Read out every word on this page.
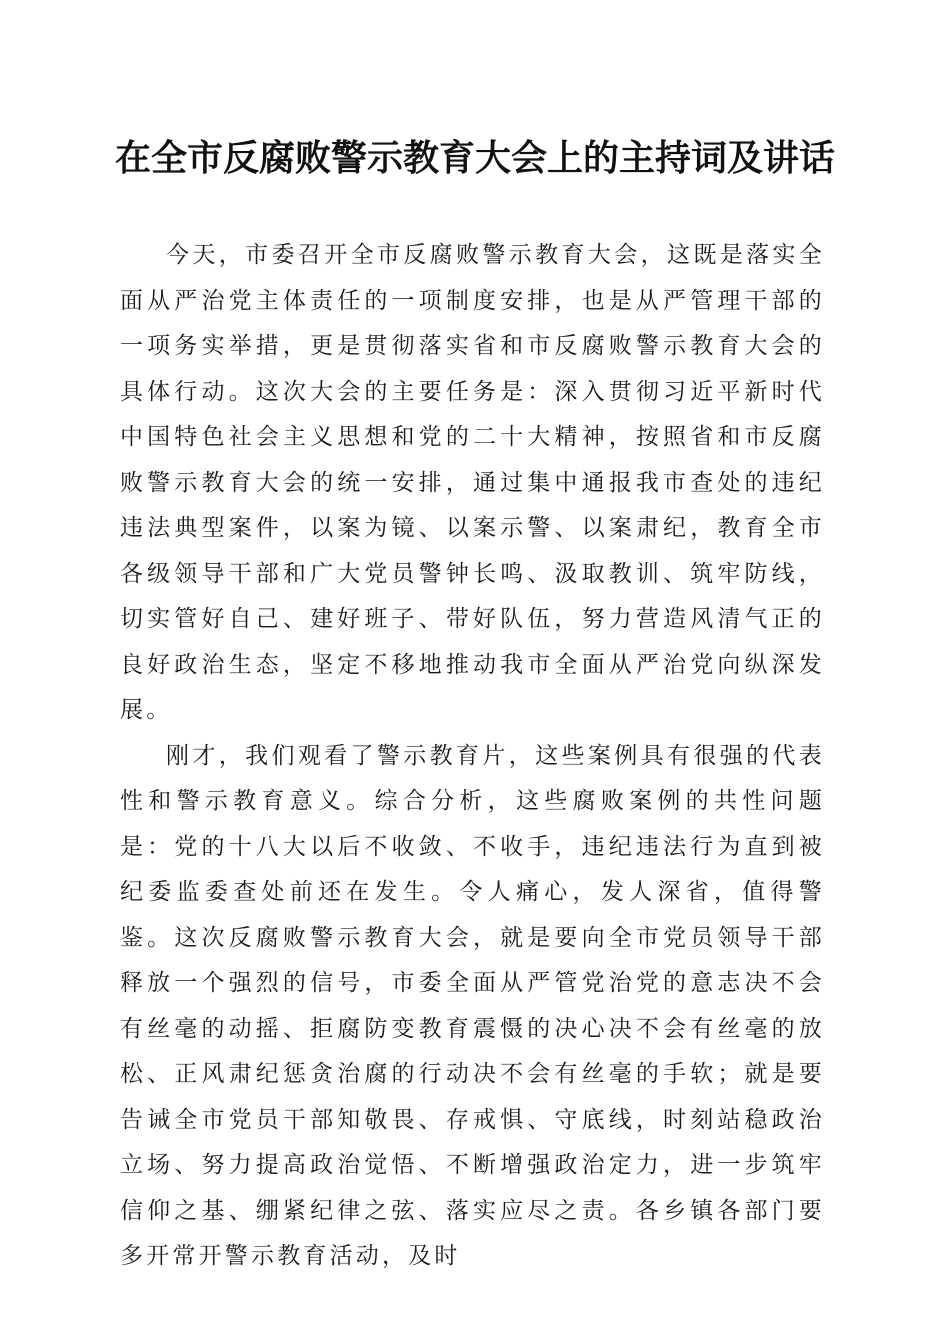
在全市反腐败警示教育大会上的主持词及讲话

今天，市委召开全市反腐败警示教育大会，这既是落实全面从严治党主体责任的一项制度安排，也是从严管理干部的一项务实举措，更是贯彻落实省和市反腐败警示教育大会的具体行动。这次大会的主要任务是：深入贯彻习近平新时代中国特色社会主义思想和党的二十大精神，按照省和市反腐败警示教育大会的统一安排，通过集中通报我市查处的违纪违法典型案件，以案为镜、以案示警、以案肃纪，教育全市各级领导干部和广大党员警钟长鸣、汲取教训、筑牢防线，切实管好自己、建好班子、带好队伍，努力营造风清气正的良好政治生态，坚定不移地推动我市全面从严治党向纵深发展。

刚才，我们观看了警示教育片，这些案例具有很强的代表性和警示教育意义。综合分析，这些腐败案例的共性问题是：党的十八大以后不收敛、不收手，违纪违法行为直到被纪委监委查处前还在发生。令人痛心，发人深省，值得警鉴。这次反腐败警示教育大会，就是要向全市党员领导干部释放一个强烈的信号，市委全面从严管党治党的意志决不会有丝毫的动摇、拒腐防变教育震慑的决心决不会有丝毫的放松、正风肃纪惩贪治腐的行动决不会有丝毫的手软；就是要告诫全市党员干部知敬畏、存戒惧、守底线，时刻站稳政治立场、努力提高政治觉悟、不断增强政治定力，进一步筑牢信仰之基、绷紧纪律之弦、落实应尽之责。各乡镇各部门要多开常开警示教育活动，及时
